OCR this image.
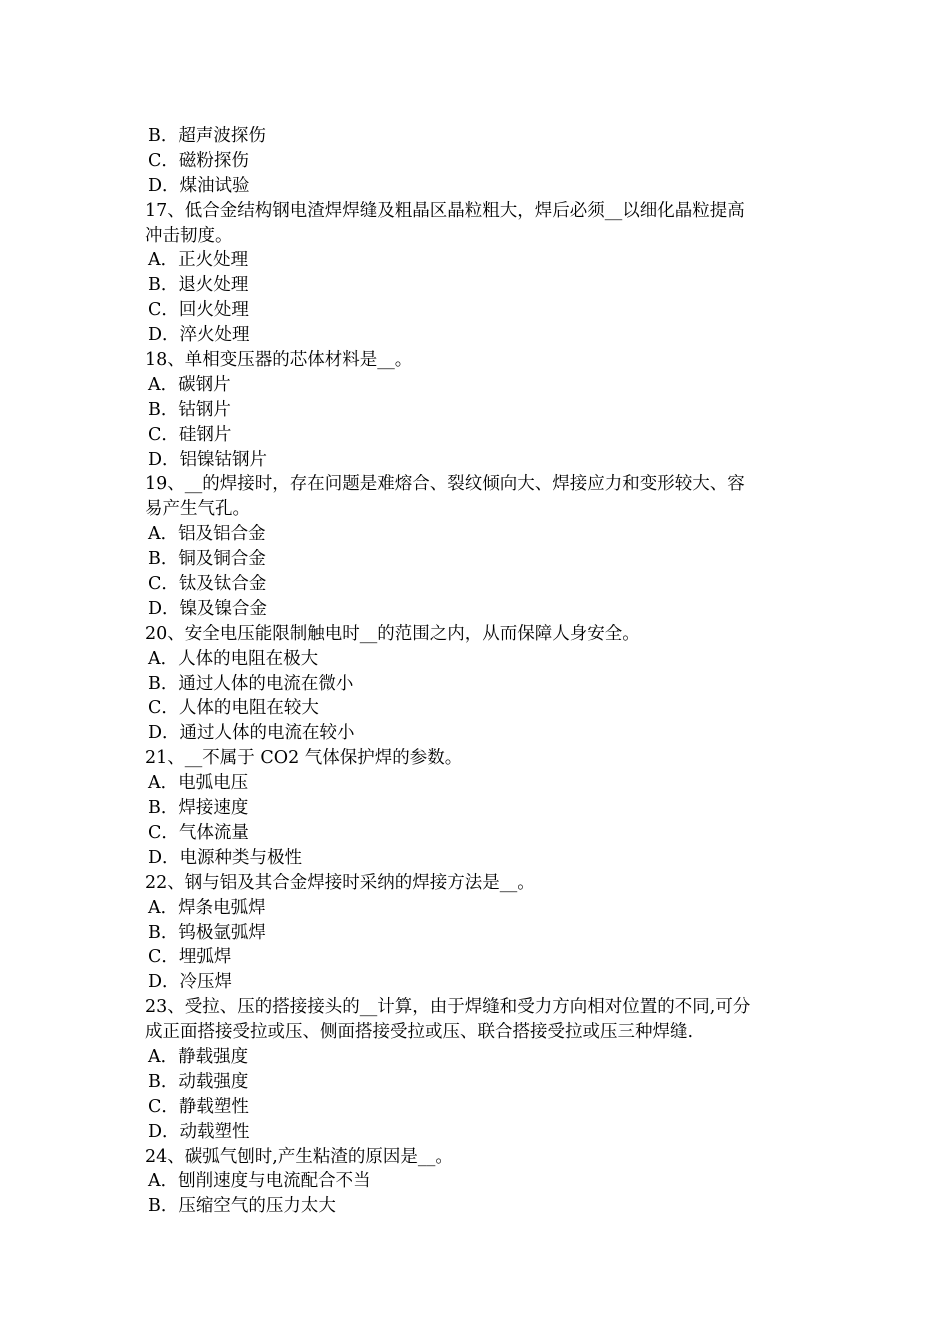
B．超声波探伤
C．磁粉探伤
D．煤油试验
17、低合金结构钢电渣焊焊缝及粗晶区晶粒粗大，焊后必须__以细化晶粒提高
冲击韧度。
A．正火处理
B．退火处理
C．回火处理
D．淬火处理
18、单相变压器的芯体材料是__。
A．碳钢片
B．钴钢片
C．硅钢片
D．铝镍钴钢片
19、__的焊接时，存在问题是难熔合、裂纹倾向大、焊接应力和变形较大、容
易产生气孔。
A．铝及铝合金
B．铜及铜合金
C．钛及钛合金
D．镍及镍合金
20、安全电压能限制触电时__的范围之内，从而保障人身安全。
A．人体的电阻在极大
B．通过人体的电流在微小
C．人体的电阻在较大
D．通过人体的电流在较小
21、__不属于 CO2 气体保护焊的参数。
A．电弧电压
B．焊接速度
C．气体流量
D．电源种类与极性
22、钢与铝及其合金焊接时采纳的焊接方法是__。
A．焊条电弧焊
B．钨极氩弧焊
C．埋弧焊
D．冷压焊
23、受拉、压的搭接接头的__计算，由于焊缝和受力方向相对位置的不同,可分
成正面搭接受拉或压、侧面搭接受拉或压、联合搭接受拉或压三种焊缝.
A．静载强度
B．动载强度
C．静载塑性
D．动载塑性
24、碳弧气刨时,产生粘渣的原因是__。
A．刨削速度与电流配合不当
B．压缩空气的压力太大
